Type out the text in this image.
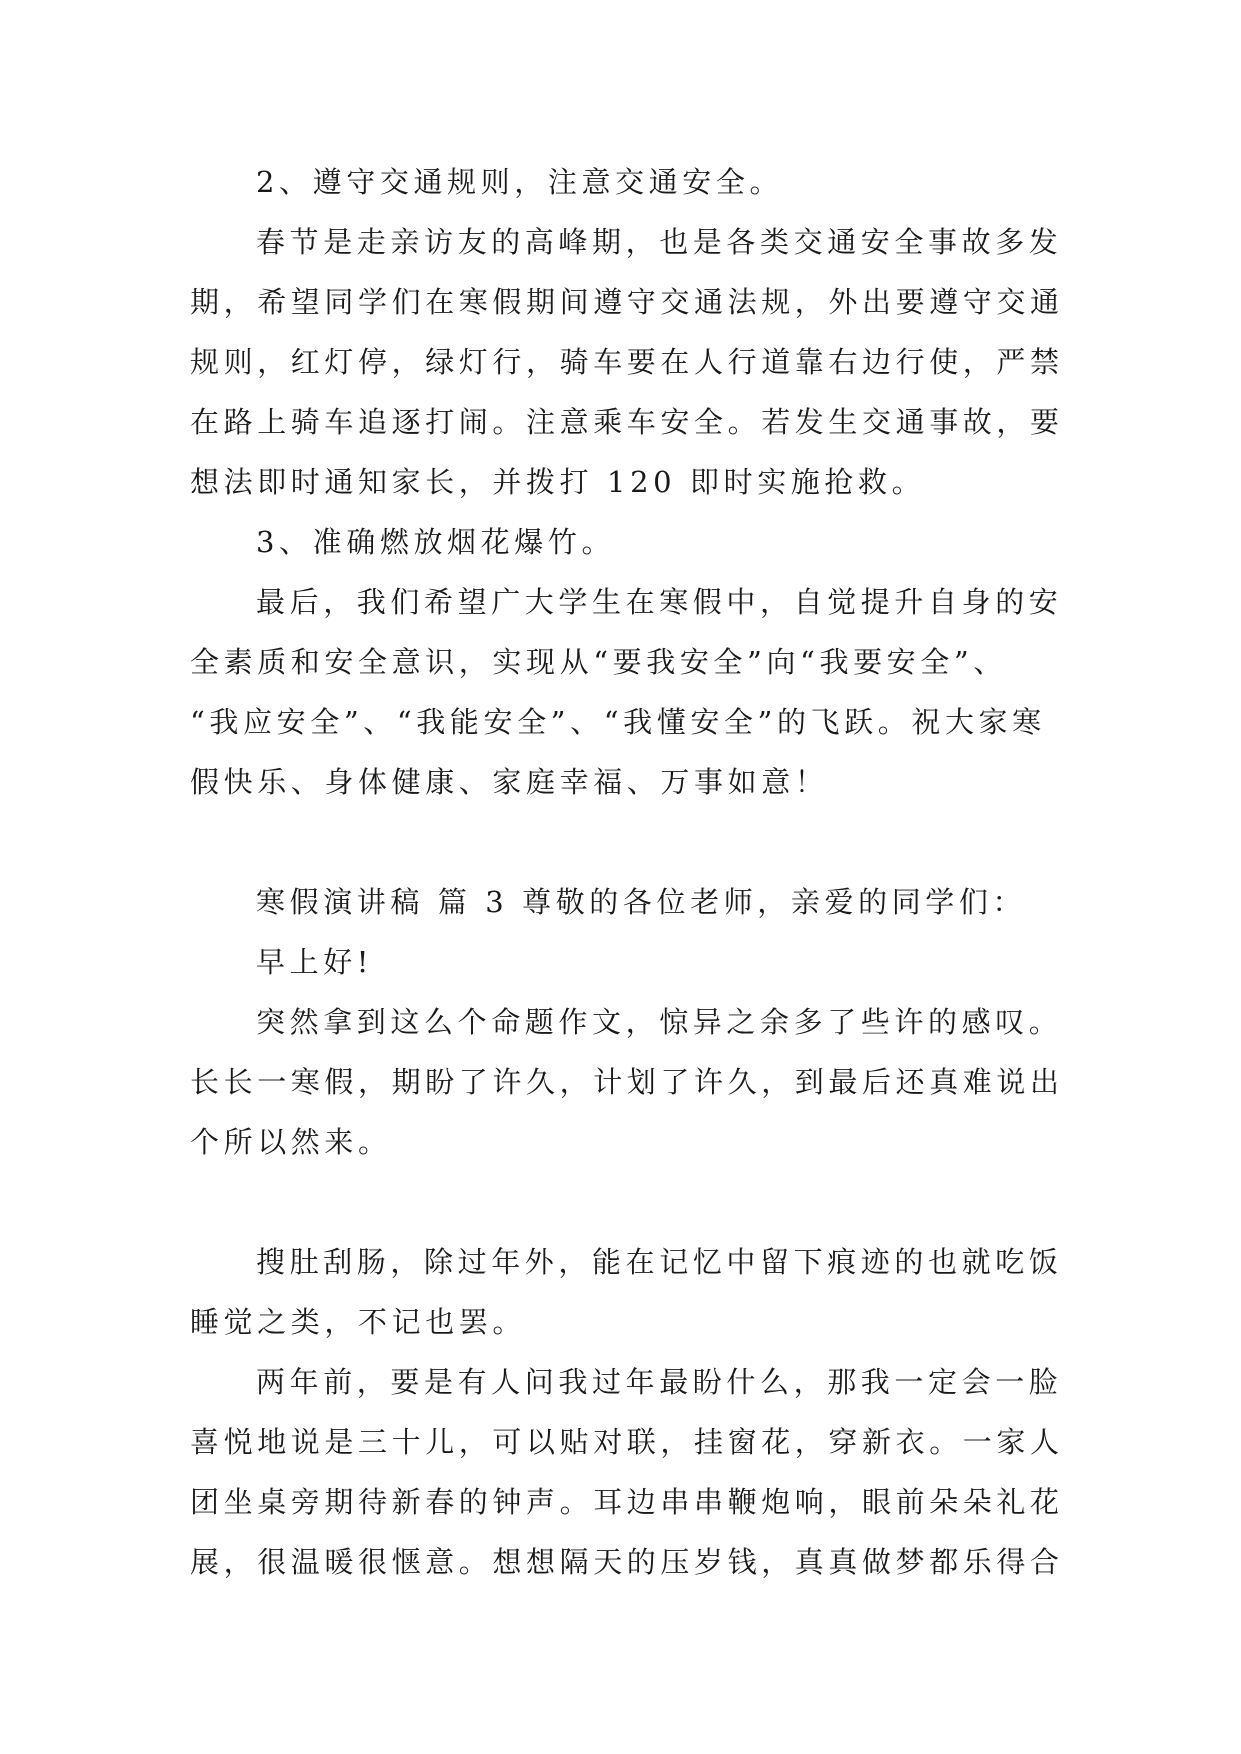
2、遵守交通规则，注意交通安全。
春节是走亲访友的高峰期，也是各类交通安全事故多发
期，希望同学们在寒假期间遵守交通法规，外出要遵守交通
规则，红灯停，绿灯行，骑车要在人行道靠右边行使，严禁
在路上骑车追逐打闹。注意乘车安全。若发生交通事故，要
想法即时通知家长，并拨打 120 即时实施抢救。
3、准确燃放烟花爆竹。
最后，我们希望广大学生在寒假中，自觉提升自身的安
全素质和安全意识，实现从“要我安全”向“我要安全”、
“我应安全”、“我能安全”、“我懂安全”的飞跃。祝大家寒
假快乐、身体健康、家庭幸福、万事如意！
寒假演讲稿 篇 3 尊敬的各位老师，亲爱的同学们：
早上好!
突然拿到这么个命题作文，惊异之余多了些许的感叹。
长长一寒假，期盼了许久，计划了许久，到最后还真难说出
个所以然来。
搜肚刮肠，除过年外，能在记忆中留下痕迹的也就吃饭
睡觉之类，不记也罢。
两年前，要是有人问我过年最盼什么，那我一定会一脸
喜悦地说是三十儿，可以贴对联，挂窗花，穿新衣。一家人
团坐桌旁期待新春的钟声。耳边串串鞭炮响，眼前朵朵礼花
展，很温暖很惬意。想想隔天的压岁钱，真真做梦都乐得合
